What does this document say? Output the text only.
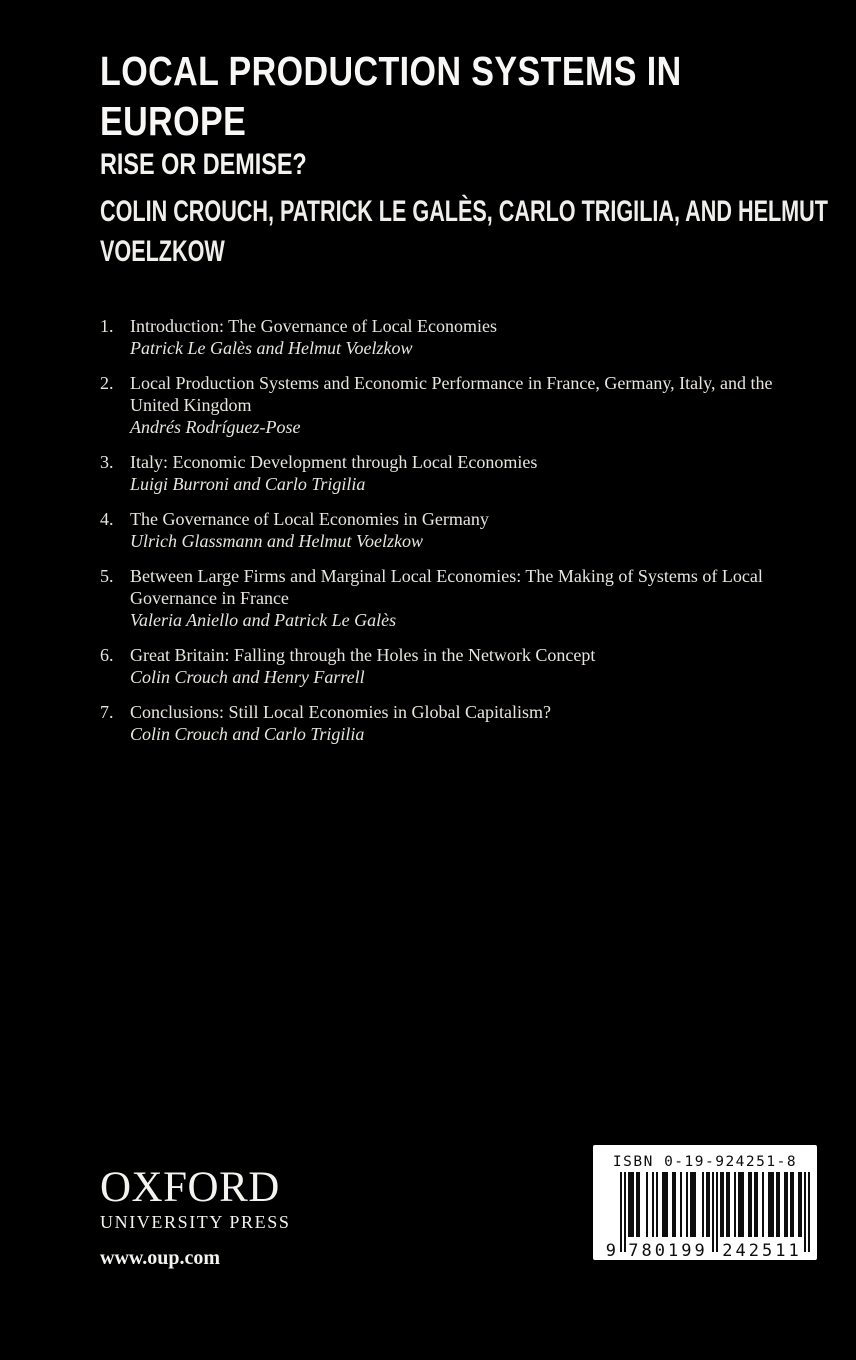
LOCAL PRODUCTION SYSTEMS IN EUROPE
RISE OR DEMISE?
COLIN CROUCH, PATRICK LE GALÈS, CARLO TRIGILIA, AND HELMUT VOELZKOW
1. Introduction: The Governance of Local Economies
Patrick Le Galès and Helmut Voelzkow
2. Local Production Systems and Economic Performance in France, Germany, Italy, and the United Kingdom
Andrés Rodríguez-Pose
3. Italy: Economic Development through Local Economies
Luigi Burroni and Carlo Trigilia
4. The Governance of Local Economies in Germany
Ulrich Glassmann and Helmut Voelzkow
5. Between Large Firms and Marginal Local Economies: The Making of Systems of Local Governance in France
Valeria Aniello and Patrick Le Galès
6. Great Britain: Falling through the Holes in the Network Concept
Colin Crouch and Henry Farrell
7. Conclusions: Still Local Economies in Global Capitalism?
Colin Crouch and Carlo Trigilia
OXFORD
UNIVERSITY PRESS
www.oup.com
ISBN 0-19-924251-8
9 780199 242511
